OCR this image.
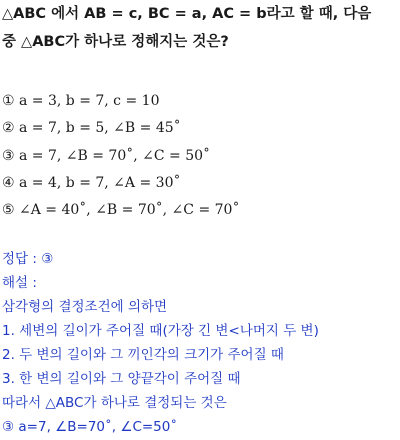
△ABC 에서 AB = c, BC = a, AC = b라고 할 때, 다음
중 △ABC가 하나로 정해지는 것은?
① a = 3, b = 7, c = 10
② a = 7, b = 5, ∠B = 45˚
③ a = 7, ∠B = 70˚, ∠C = 50˚
④ a = 4, b = 7, ∠A = 30˚
⑤ ∠A = 40˚, ∠B = 70˚, ∠C = 70˚
정답 : ③
해설 :
삼각형의 결정조건에 의하면
1. 세변의 길이가 주어질 때(가장 긴 변<나머지 두 변)
2. 두 변의 길이와 그 끼인각의 크기가 주어질 때
3. 한 변의 길이와 그 양끝각이 주어질 때
따라서 △ABC가 하나로 결정되는 것은
③ a=7, ∠B=70˚, ∠C=50˚
